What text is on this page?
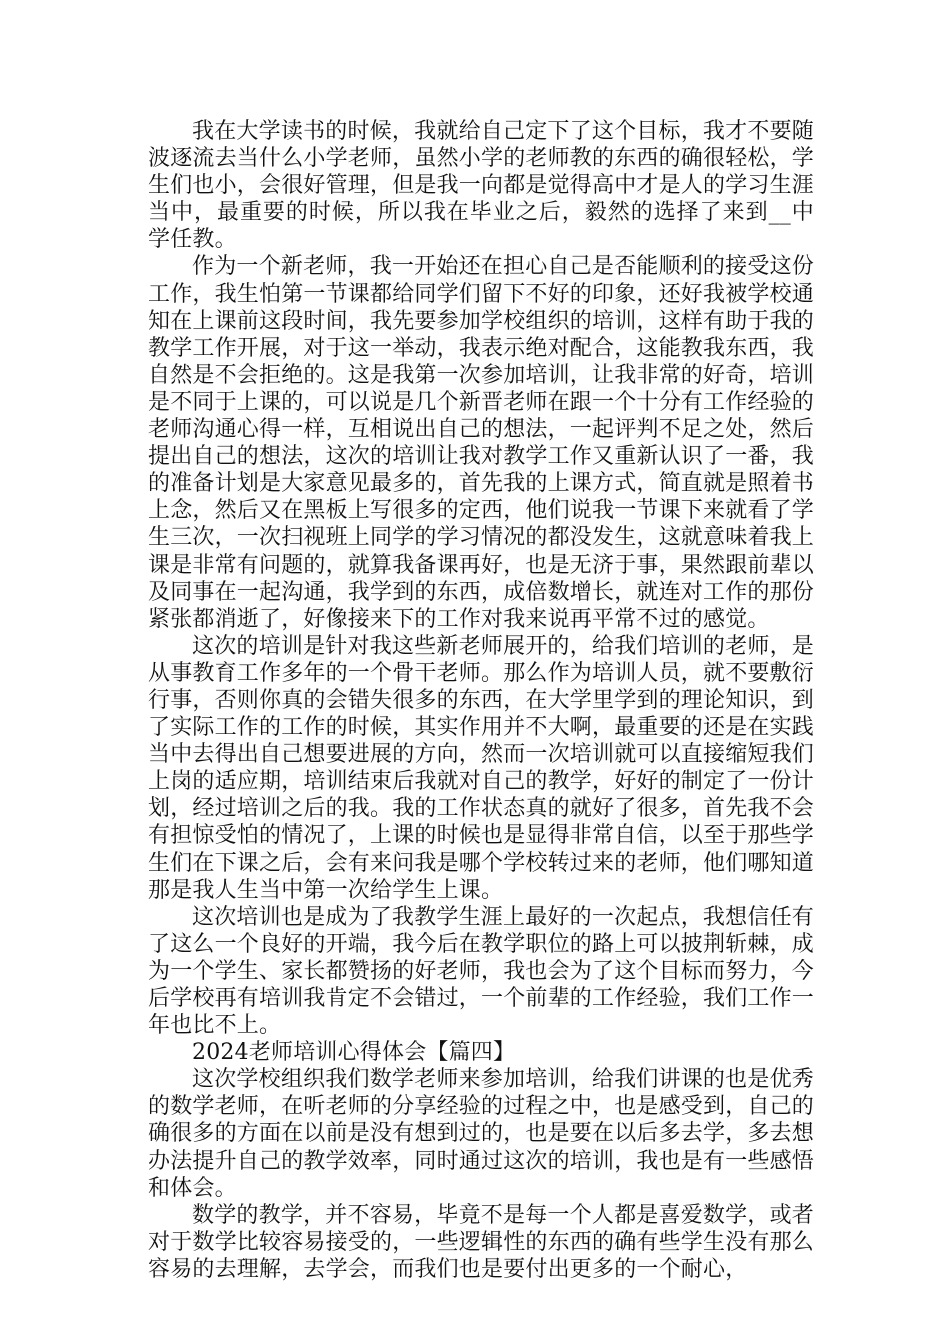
我在大学读书的时候，我就给自己定下了这个目标，我才不要随波逐流去当什么小学老师，虽然小学的老师教的东西的确很轻松，学生们也小，会很好管理，但是我一向都是觉得高中才是人的学习生涯当中，最重要的时候，所以我在毕业之后，毅然的选择了来到__中学任教。

作为一个新老师，我一开始还在担心自己是否能顺利的接受这份工作，我生怕第一节课都给同学们留下不好的印象，还好我被学校通知在上课前这段时间，我先要参加学校组织的培训，这样有助于我的教学工作开展，对于这一举动，我表示绝对配合，这能教我东西，我自然是不会拒绝的。这是我第一次参加培训，让我非常的好奇，培训是不同于上课的，可以说是几个新晋老师在跟一个十分有工作经验的老师沟通心得一样，互相说出自己的想法，一起评判不足之处，然后提出自己的想法，这次的培训让我对教学工作又重新认识了一番，我的准备计划是大家意见最多的，首先我的上课方式，简直就是照着书上念，然后又在黑板上写很多的定西，他们说我一节课下来就看了学生三次，一次扫视班上同学的学习情况的都没发生，这就意味着我上课是非常有问题的，就算我备课再好，也是无济于事，果然跟前辈以及同事在一起沟通，我学到的东西，成倍数增长，就连对工作的那份紧张都消逝了，好像接来下的工作对我来说再平常不过的感觉。

这次的培训是针对我这些新老师展开的，给我们培训的老师，是从事教育工作多年的一个骨干老师。那么作为培训人员，就不要敷衍行事，否则你真的会错失很多的东西，在大学里学到的理论知识，到了实际工作的工作的时候，其实作用并不大啊，最重要的还是在实践当中去得出自己想要进展的方向，然而一次培训就可以直接缩短我们上岗的适应期，培训结束后我就对自己的教学，好好的制定了一份计划，经过培训之后的我。我的工作状态真的就好了很多，首先我不会有担惊受怕的情况了，上课的时候也是显得非常自信，以至于那些学生们在下课之后，会有来问我是哪个学校转过来的老师，他们哪知道那是我人生当中第一次给学生上课。

这次培训也是成为了我教学生涯上最好的一次起点，我想信任有了这么一个良好的开端，我今后在教学职位的路上可以披荆斩棘，成为一个学生、家长都赞扬的好老师，我也会为了这个目标而努力，今后学校再有培训我肯定不会错过，一个前辈的工作经验，我们工作一年也比不上。

2024老师培训心得体会【篇四】

这次学校组织我们数学老师来参加培训，给我们讲课的也是优秀的数学老师，在听老师的分享经验的过程之中，也是感受到，自己的确很多的方面在以前是没有想到过的，也是要在以后多去学，多去想办法提升自己的教学效率，同时通过这次的培训，我也是有一些感悟和体会。

数学的教学，并不容易，毕竟不是每一个人都是喜爱数学，或者对于数学比较容易接受的，一些逻辑性的东西的确有些学生没有那么容易的去理解，去学会，而我们也是要付出更多的一个耐心，
